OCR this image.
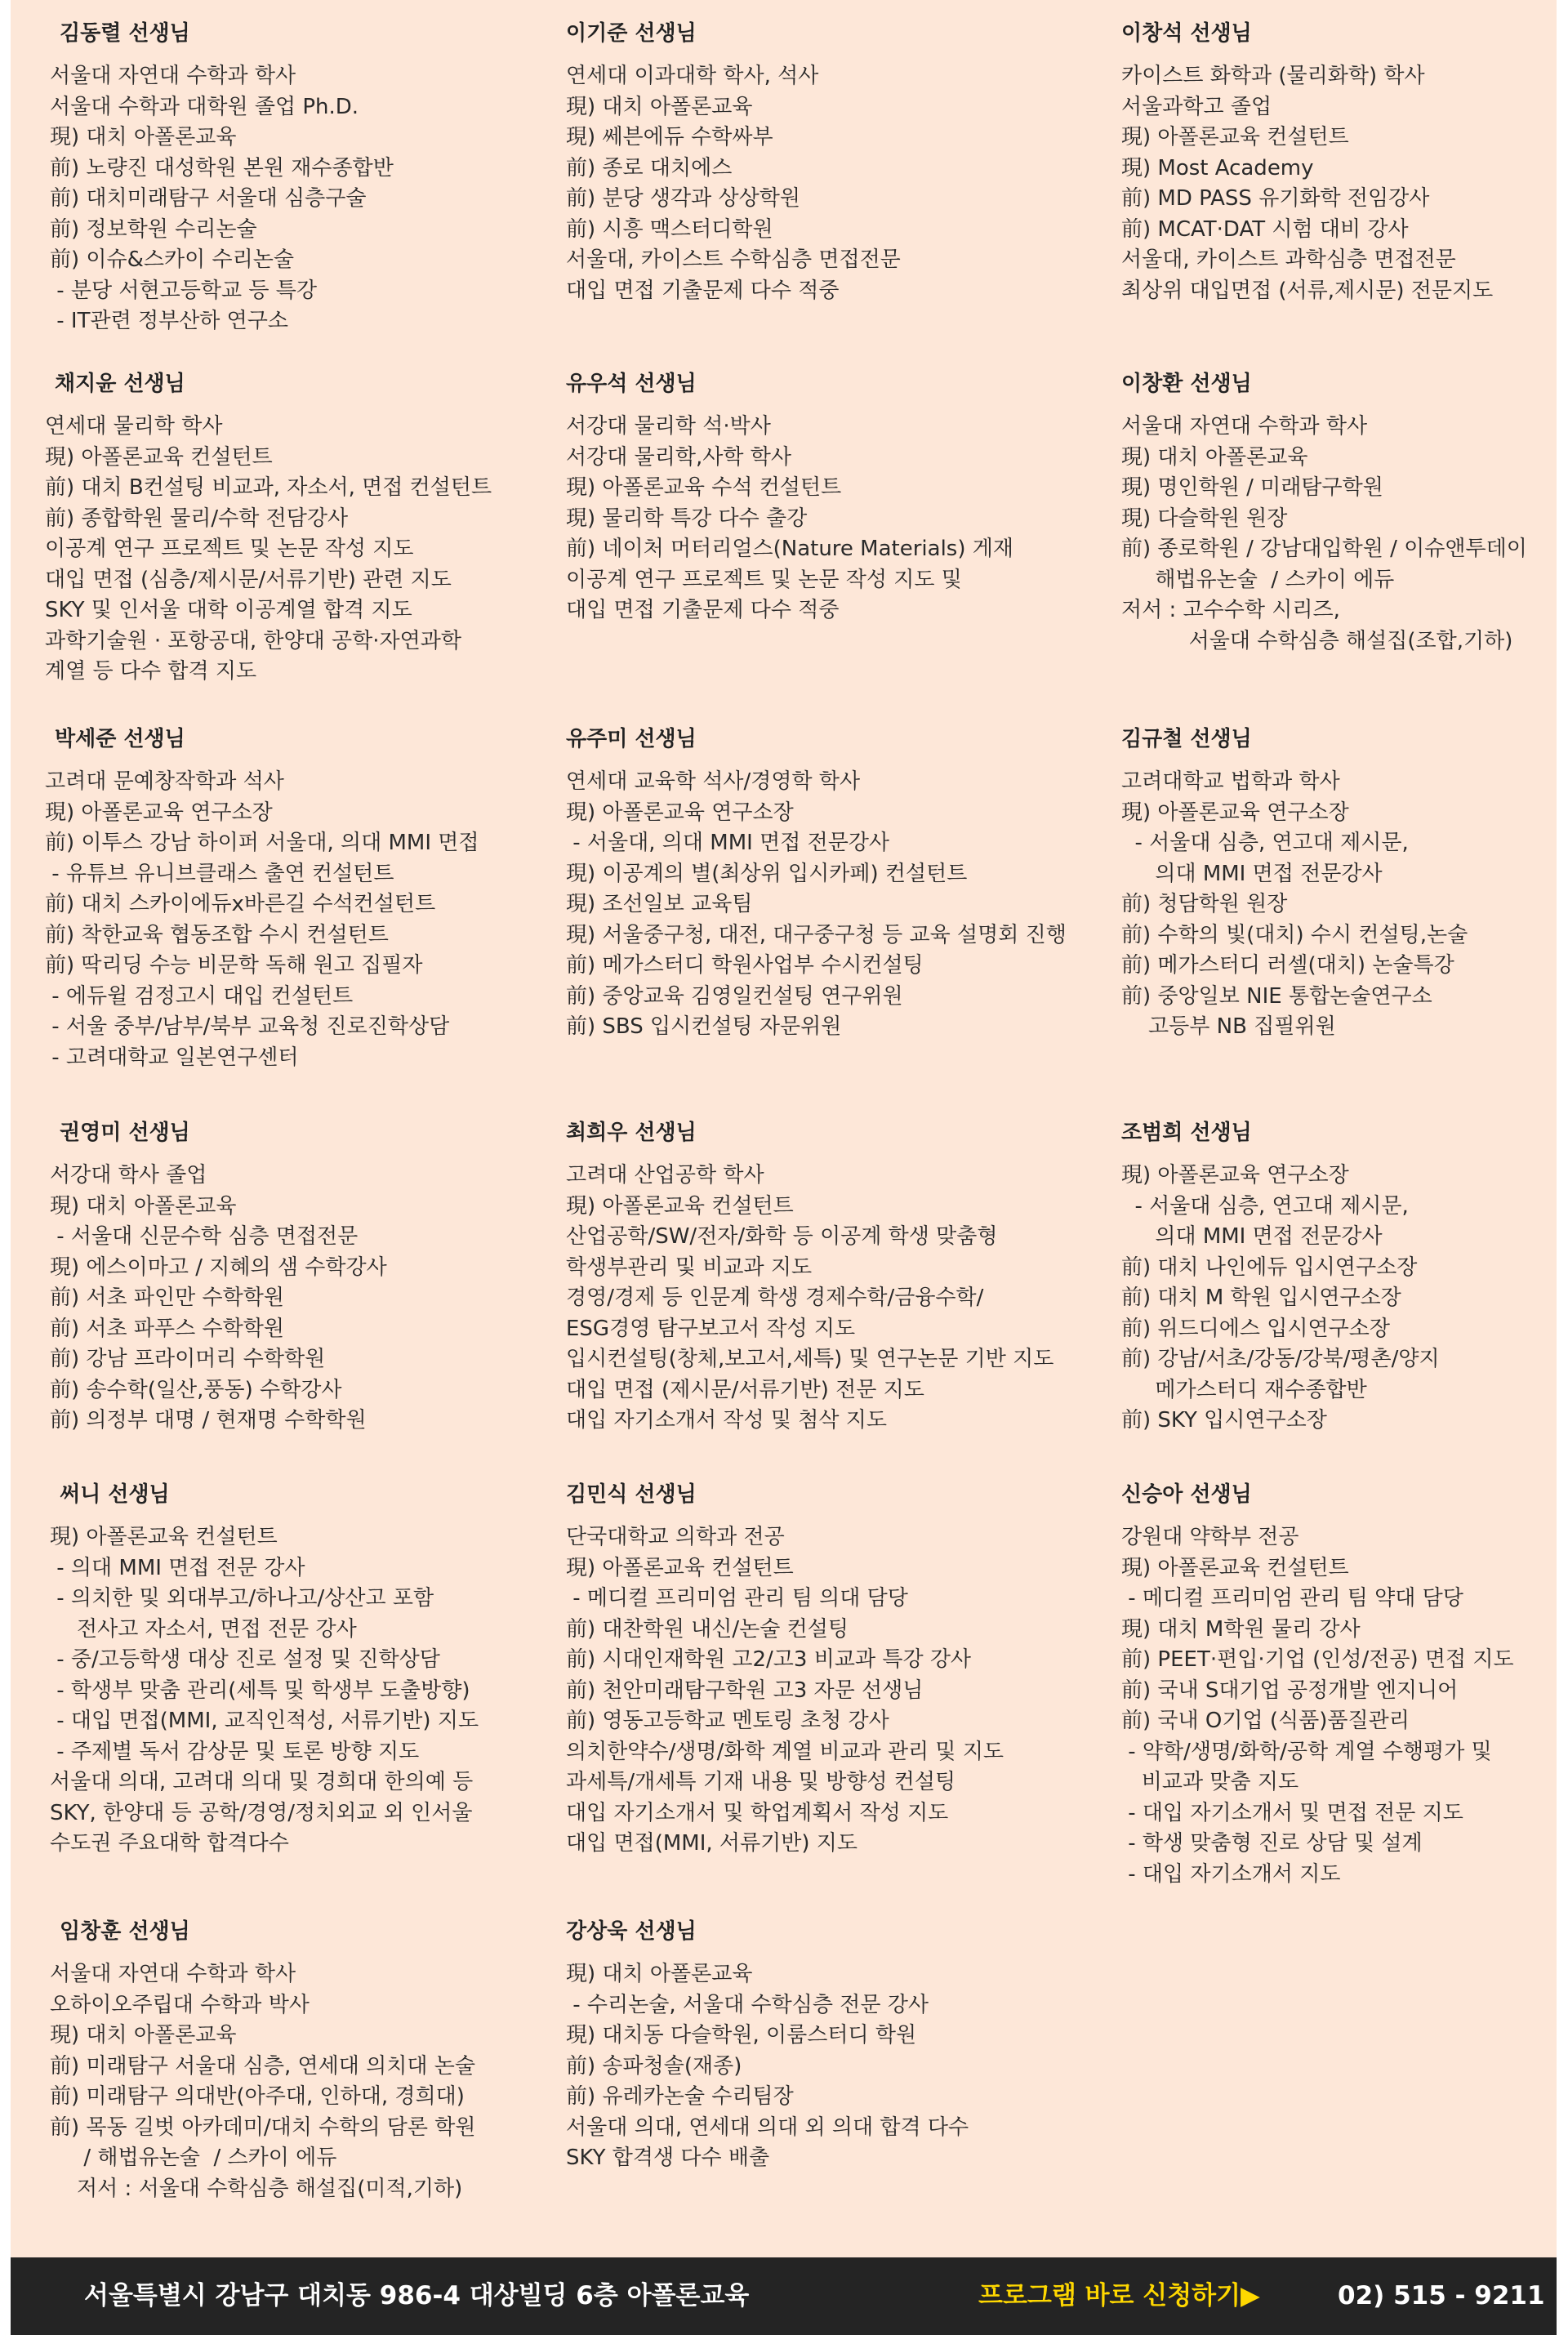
김동렬 선생님
서울대 자연대 수학과 학사
서울대 수학과 대학원 졸업 Ph.D.
現) 대치 아폴론교육
前) 노량진 대성학원 본원 재수종합반
前) 대치미래탐구 서울대 심층구술
前) 정보학원 수리논술
前) 이슈&스카이 수리논술
- 분당 서현고등학교 등 특강
- IT관련 정부산하 연구소
이기준 선생님
연세대 이과대학 학사, 석사
現) 대치 아폴론교육
現) 쎄븐에듀 수학싸부
前) 종로 대치에스
前) 분당 생각과 상상학원
前) 시흥 맥스터디학원
서울대, 카이스트 수학심층 면접전문
대입 면접 기출문제 다수 적중
이창석 선생님
카이스트 화학과 (물리화학) 학사
서울과학고 졸업
現) 아폴론교육 컨설턴트
現) Most Academy
前) MD PASS 유기화학 전임강사
前) MCAT·DAT 시험 대비 강사
서울대, 카이스트 과학심층 면접전문
최상위 대입면접 (서류,제시문) 전문지도
채지윤 선생님
연세대 물리학 학사
現) 아폴론교육 컨설턴트
前) 대치 B컨설팅 비교과, 자소서, 면접 컨설턴트
前) 종합학원 물리/수학 전담강사
이공계 연구 프로젝트 및 논문 작성 지도
대입 면접 (심층/제시문/서류기반) 관련 지도
SKY 및 인서울 대학 이공계열 합격 지도
과학기술원 · 포항공대, 한양대 공학·자연과학
계열 등 다수 합격 지도
유우석 선생님
서강대 물리학 석·박사
서강대 물리학,사학 학사
現) 아폴론교육 수석 컨설턴트
現) 물리학 특강 다수 출강
前) 네이처 머터리얼스(Nature Materials) 게재
이공계 연구 프로젝트 및 논문 작성 지도 및
대입 면접 기출문제 다수 적중
이창환 선생님
서울대 자연대 수학과 학사
現) 대치 아폴론교육
現) 명인학원 / 미래탐구학원
現) 다슬학원 원장
前) 종로학원 / 강남대입학원 / 이슈앤투데이
해법유논술  / 스카이 에듀
저서 : 고수수학 시리즈,
서울대 수학심층 해설집(조합,기하)
박세준 선생님
고려대 문예창작학과 석사
現) 아폴론교육 연구소장
前) 이투스 강남 하이퍼 서울대, 의대 MMI 면접
- 유튜브 유니브클래스 출연 컨설턴트
前) 대치 스카이에듀x바른길 수석컨설턴트
前) 착한교육 협동조합 수시 컨설턴트
前) 딱리딩 수능 비문학 독해 원고 집필자
- 에듀윌 검정고시 대입 컨설턴트
- 서울 중부/남부/북부 교육청 진로진학상담
- 고려대학교 일본연구센터
유주미 선생님
연세대 교육학 석사/경영학 학사
現) 아폴론교육 연구소장
- 서울대, 의대 MMI 면접 전문강사
現) 이공계의 별(최상위 입시카페) 컨설턴트
現) 조선일보 교육팀
現) 서울중구청, 대전, 대구중구청 등 교육 설명회 진행
前) 메가스터디 학원사업부 수시컨설팅
前) 중앙교육 김영일컨설팅 연구위원
前) SBS 입시컨설팅 자문위원
김규철 선생님
고려대학교 법학과 학사
現) 아폴론교육 연구소장
- 서울대 심층, 연고대 제시문,
의대 MMI 면접 전문강사
前) 청담학원 원장
前) 수학의 빛(대치) 수시 컨설팅,논술
前) 메가스터디 러셀(대치) 논술특강
前) 중앙일보 NIE 통합논술연구소
고등부 NB 집필위원
권영미 선생님
서강대 학사 졸업
現) 대치 아폴론교육
- 서울대 신문수학 심층 면접전문
現) 에스이마고 / 지혜의 샘 수학강사
前) 서초 파인만 수학학원
前) 서초 파푸스 수학학원
前) 강남 프라이머리 수학학원
前) 송수학(일산,풍동) 수학강사
前) 의정부 대명 / 현재명 수학학원
최희우 선생님
고려대 산업공학 학사
現) 아폴론교육 컨설턴트
산업공학/SW/전자/화학 등 이공계 학생 맞춤형
학생부관리 및 비교과 지도
경영/경제 등 인문계 학생 경제수학/금융수학/
ESG경영 탐구보고서 작성 지도
입시컨설팅(창체,보고서,세특) 및 연구논문 기반 지도
대입 면접 (제시문/서류기반) 전문 지도
대입 자기소개서 작성 및 첨삭 지도
조범희 선생님
現) 아폴론교육 연구소장
- 서울대 심층, 연고대 제시문,
의대 MMI 면접 전문강사
前) 대치 나인에듀 입시연구소장
前) 대치 M 학원 입시연구소장
前) 위드디에스 입시연구소장
前) 강남/서초/강동/강북/평촌/양지
메가스터디 재수종합반
前) SKY 입시연구소장
써니 선생님
現) 아폴론교육 컨설턴트
- 의대 MMI 면접 전문 강사
- 의치한 및 외대부고/하나고/상산고 포함
전사고 자소서, 면접 전문 강사
- 중/고등학생 대상 진로 설정 및 진학상담
- 학생부 맞춤 관리(세특 및 학생부 도출방향)
- 대입 면접(MMI, 교직인적성, 서류기반) 지도
- 주제별 독서 감상문 및 토론 방향 지도
서울대 의대, 고려대 의대 및 경희대 한의예 등
SKY, 한양대 등 공학/경영/정치외교 외 인서울
수도권 주요대학 합격다수
김민식 선생님
단국대학교 의학과 전공
現) 아폴론교육 컨설턴트
- 메디컬 프리미엄 관리 팀 의대 담당
前) 대찬학원 내신/논술 컨설팅
前) 시대인재학원 고2/고3 비교과 특강 강사
前) 천안미래탐구학원 고3 자문 선생님
前) 영동고등학교 멘토링 초청 강사
의치한약수/생명/화학 계열 비교과 관리 및 지도
과세특/개세특 기재 내용 및 방향성 컨설팅
대입 자기소개서 및 학업계획서 작성 지도
대입 면접(MMI, 서류기반) 지도
신승아 선생님
강원대 약학부 전공
現) 아폴론교육 컨설턴트
- 메디컬 프리미엄 관리 팀 약대 담당
現) 대치 M학원 물리 강사
前) PEET·편입·기업 (인성/전공) 면접 지도
前) 국내 S대기업 공정개발 엔지니어
前) 국내 O기업 (식품)품질관리
- 약학/생명/화학/공학 계열 수행평가 및
비교과 맞춤 지도
- 대입 자기소개서 및 면접 전문 지도
- 학생 맞춤형 진로 상담 및 설계
- 대입 자기소개서 지도
임창훈 선생님
서울대 자연대 수학과 학사
오하이오주립대 수학과 박사
現) 대치 아폴론교육
前) 미래탐구 서울대 심층, 연세대 의치대 논술
前) 미래탐구 의대반(아주대, 인하대, 경희대)
前) 목동 길벗 아카데미/대치 수학의 담론 학원
/ 해법유논술  / 스카이 에듀
저서 : 서울대 수학심층 해설집(미적,기하)
강상욱 선생님
現) 대치 아폴론교육
- 수리논술, 서울대 수학심층 전문 강사
現) 대치동 다슬학원, 이룸스터디 학원
前) 송파청솔(재종)
前) 유레카논술 수리팀장
서울대 의대, 연세대 의대 외 의대 합격 다수
SKY 합격생 다수 배출
서울특별시 강남구 대치동 986-4 대상빌딩 6층 아폴론교육	프로그램 바로 신청하기▶	02) 515 - 9211
